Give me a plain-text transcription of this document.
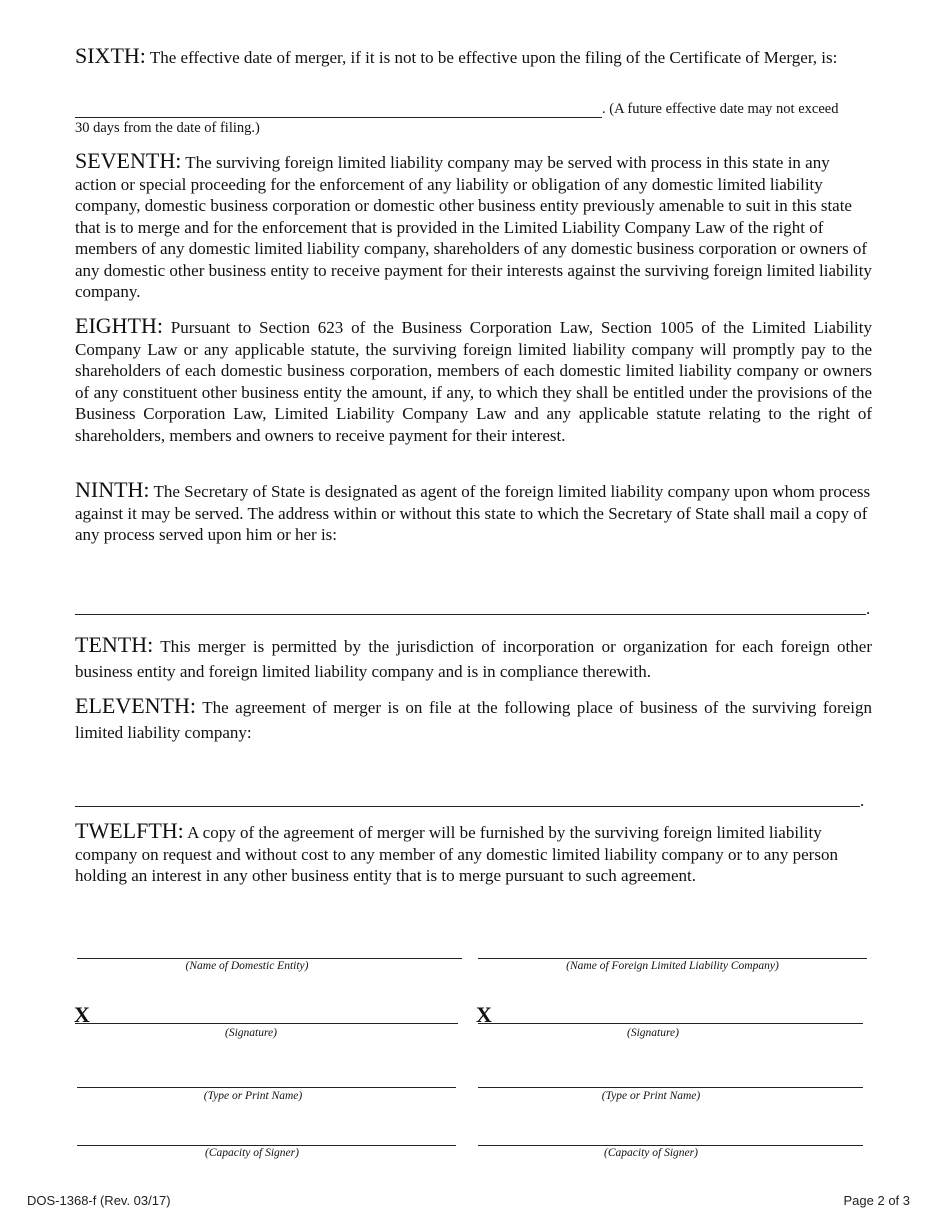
SIXTH: The effective date of merger, if it is not to be effective upon the filing of the Certificate of Merger, is:
. (A future effective date may not exceed
30 days from the date of filing.)
SEVENTH: The surviving foreign limited liability company may be served with process in this state in any action or special proceeding for the enforcement of any liability or obligation of any domestic limited liability company, domestic business corporation or domestic other business entity previously amenable to suit in this state that is to merge and for the enforcement that is provided in the Limited Liability Company Law of the right of members of any domestic limited liability company, shareholders of any domestic business corporation or owners of any domestic other business entity to receive payment for their interests against the surviving foreign limited liability company.
EIGHTH: Pursuant to Section 623 of the Business Corporation Law, Section 1005 of the Limited Liability Company Law or any applicable statute, the surviving foreign limited liability company will promptly pay to the shareholders of each domestic business corporation, members of each domestic limited liability company or owners of any constituent other business entity the amount, if any, to which they shall be entitled under the provisions of the Business Corporation Law, Limited Liability Company Law and any applicable statute relating to the right of shareholders, members and owners to receive payment for their interest.
NINTH: The Secretary of State is designated as agent of the foreign limited liability company upon whom process against it may be served. The address within or without this state to which the Secretary of State shall mail a copy of any process served upon him or her is:
.
TENTH: This merger is permitted by the jurisdiction of incorporation or organization for each foreign other business entity and foreign limited liability company and is in compliance therewith.
ELEVENTH: The agreement of merger is on file at the following place of business of the surviving foreign limited liability company:
.
TWELFTH: A copy of the agreement of merger will be furnished by the surviving foreign limited liability company on request and without cost to any member of any domestic limited liability company or to any person holding an interest in any other business entity that is to merge pursuant to such agreement.
(Name of Domestic Entity)
X
(Signature)
(Type or Print Name)
(Capacity of Signer)
(Name of Foreign Limited Liability Company)
X
(Signature)
(Type or Print Name)
(Capacity of Signer)
DOS-1368-f (Rev. 03/17)	Page 2 of 3
